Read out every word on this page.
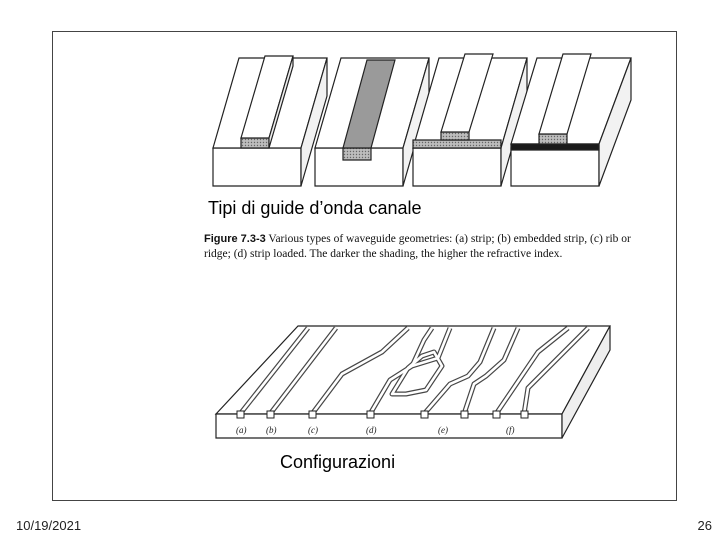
Tipi di guide d’onda canale
Figure 7.3-3 Various types of waveguide geometries: (a) strip; (b) embedded strip, (c) rib or ridge; (d) strip loaded. The darker the shading, the higher the refractive index.
(a) (b)	(c)	(d)	(e)	(f)
Configurazioni
10/19/2021	26
